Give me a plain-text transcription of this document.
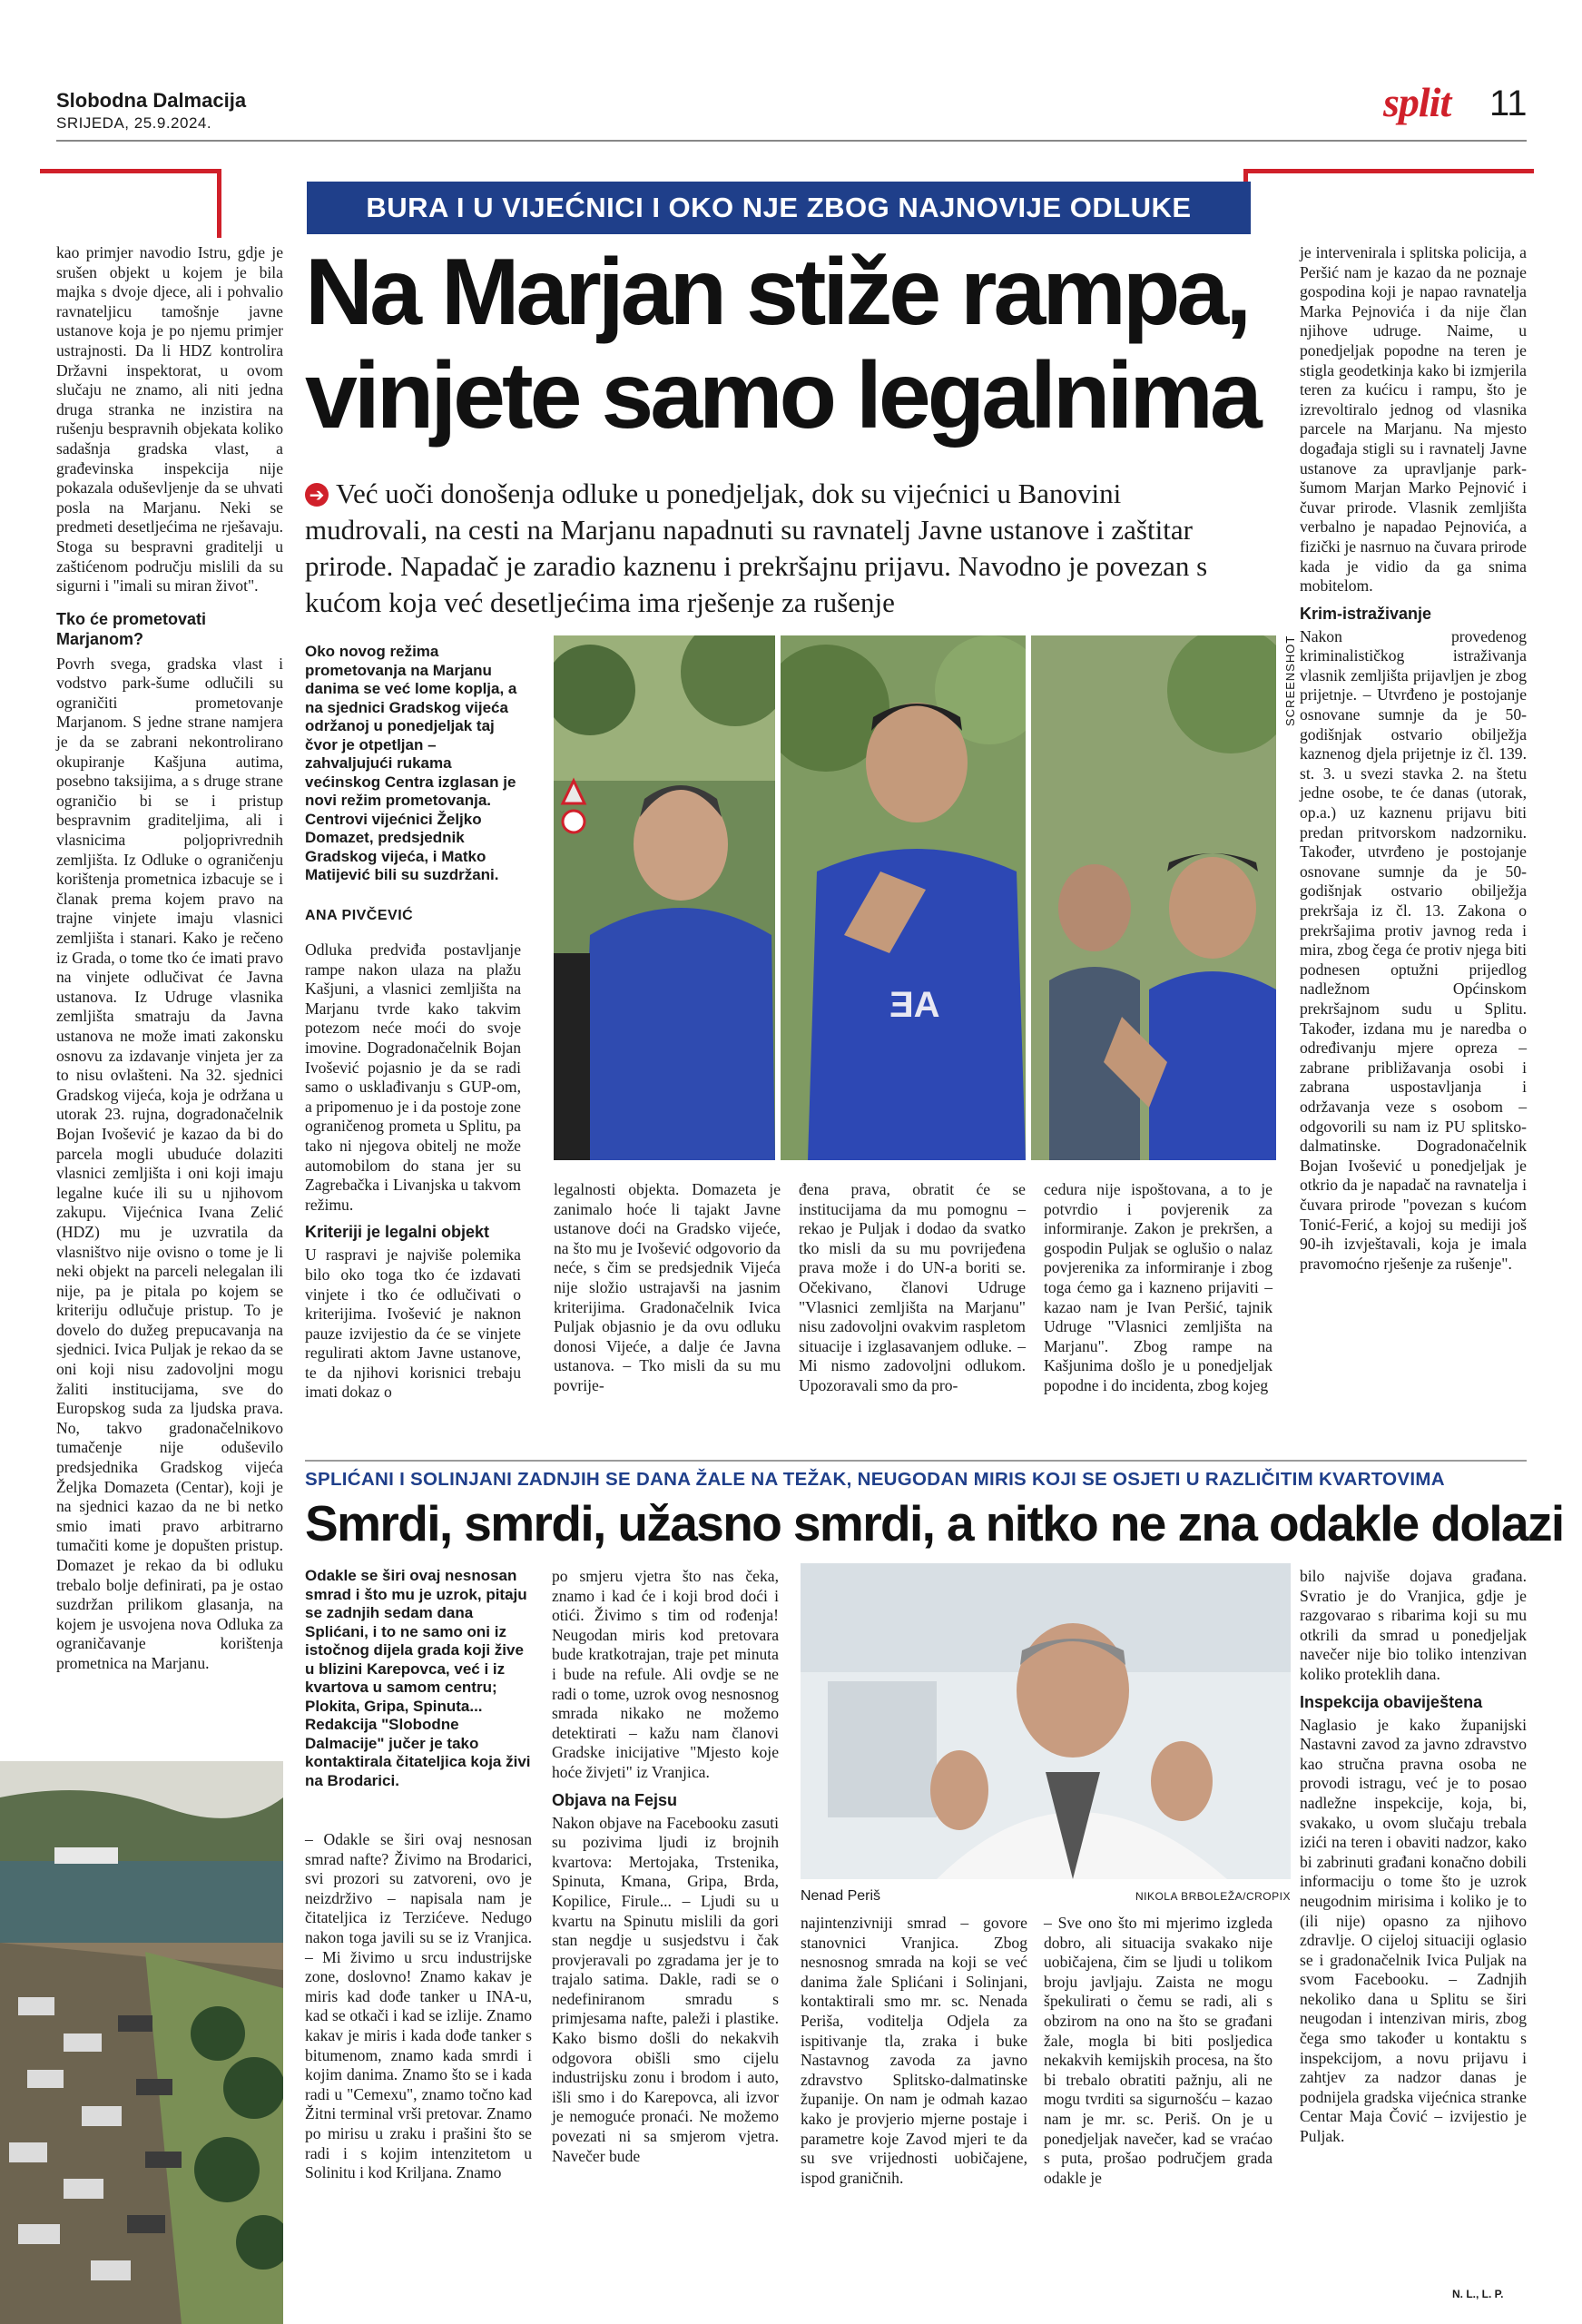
Slobodna Dalmacija
SRIJEDA, 25.9.2024.	split 11
BURA I U VIJEĆNICI I OKO NJE ZBOG NAJNOVIJE ODLUKE
Na Marjan stiže rampa,
vinjete samo legalnima
➔ Već uoči donošenja odluke u ponedjeljak, dok su vijećnici u Banovini mudrovali, na cesti na Marjanu napadnuti su ravnatelj Javne ustanove i zaštitar prirode. Napadač je zaradio kaznenu i prekršajnu prijavu. Navodno je povezan s kućom koja već desetljećima ima rješenje za rušenje

kao primjer navodio Istru, gdje je srušen objekt u kojem je bila majka s dvoje djece, ali i pohvalio ravnateljicu tamošnje javne ustanove koja je po njemu primjer ustrajnosti. Da li HDZ kontrolira Državni inspektorat, u ovom slučaju ne znamo, ali niti jedna druga stranka ne inzistira na rušenju bespravnih objekata koliko sadašnja gradska vlast, a građevinska inspekcija nije pokazala oduševljenje da se uhvati posla na Marjanu. Neki se predmeti desetljećima ne rješavaju. Stoga su bespravni graditelji u zaštićenom području mislili da su sigurni i "imali su miran život".

Tko će prometovati Marjanom?

Povrh svega, gradska vlast i vodstvo park-šume odlučili su ograničiti prometovanje Marjanom. S jedne strane namjera je da se zabrani nekontrolirano okupiranje Kašjuna autima, posebno taksijima, a s druge strane ograničio bi se i pristup bespravnim graditeljima, ali i vlasnicima poljoprivrednih zemljišta. Iz Odluke o ograničenju korištenja prometnica izbacuje se i članak prema kojem pravo na trajne vinjete imaju vlasnici zemljišta i stanari. Kako je rečeno iz Grada, o tome tko će imati pravo na vinjete odlučivat će Javna ustanova. Iz Udruge vlasnika zemljišta smatraju da Javna ustanova ne može imati zakonsku osnovu za izdavanje vinjeta jer za to nisu ovlašteni. Na 32. sjednici Gradskog vijeća, koja je održana u utorak 23. rujna, dogradonačelnik Bojan Ivošević je kazao da bi do parcela mogli ubuduće dolaziti vlasnici zemljišta i oni koji imaju legalne kuće ili su u njihovom zakupu. Vijećnica Ivana Zelić (HDZ) mu je uzvratila da vlasništvo nije ovisno o tome je li neki objekt na parceli nelegalan ili nije, pa je pitala po kojem se kriteriju odlučuje pristup. To je dovelo do dužeg prepucavanja na sjednici. Ivica Puljak je rekao da se oni koji nisu zadovoljni mogu žaliti institucijama, sve do Europskog suda za ljudska prava. No, takvo gradonačelnikovo tumačenje nije oduševilo predsjednika Gradskog vijeća Željka Domazeta (Centar), koji je na sjednici kazao da ne bi netko smio imati pravo arbitrarno tumačiti kome je dopušten pristup. Domazet je rekao da bi odluku trebalo bolje definirati, pa je ostao suzdržan prilikom glasanja, na kojem je usvojena nova Odluka za ograničavanje korištenja prometnica na Marjanu.

Oko novog režima prometovanja na Marjanu danima se već lome koplja, a na sjednici Gradskog vijeća održanoj u ponedjeljak taj čvor je otpetljan – zahvaljujući rukama većinskog Centra izglasan je novi režim prometovanja. Centrovi vijećnici Željko Domazet, predsjednik Gradskog vijeća, i Matko Matijević bili su suzdržani.
ANA PIVČEVIĆ

Odluka predviđa postavljanje rampe nakon ulaza na plažu Kašjuni, a vlasnici zemljišta na Marjanu tvrde kako takvim potezom neće moći do svoje imovine. Dogradonačelnik Bojan Ivošević pojasnio je da se radi samo o usklađivanju s GUP-om, a pripomenuo je i da postoje zone ograničenog prometa u Splitu, pa tako ni njegova obitelj ne može automobilom do stana jer su Zagrebačka i Livanjska u takvom režimu.

Kriteriji je legalni objekt

U raspravi je najviše polemika bilo oko toga tko će izdavati vinjete i tko će odlučivati o kriterijima. Ivošević je naknon pauze izvijestio da će se vinjete regulirati aktom Javne ustanove, te da njihovi korisnici trebaju imati dokaz o

ƎA
SCREENSHOT

legalnosti objekta. Domazeta je zanimalo hoće li tajakt Javne ustanove doći na Gradsko vijeće, na što mu je Ivošević odgovorio da neće, s čim se predsjednik Vijeća nije složio ustrajavši na jasnim kriterijima. Gradonačelnik Ivica Puljak objasnio je da ovu odluku donosi Vijeće, a dalje će Javna ustanova. – Tko misli da su mu povrije-

đena prava, obratit će se institucijama da mu pomognu – rekao je Puljak i dodao da svatko tko misli da su mu povrijeđena prava može i do UN-a boriti se. Očekivano, članovi Udruge "Vlasnici zemljišta na Marjanu" nisu zadovoljni ovakvim raspletom situacije i izglasavanjem odluke. – Mi nismo zadovoljni odlukom. Upozoravali smo da pro-

cedura nije ispoštovana, a to je potvrdio i povjerenik za informiranje. Zakon je prekršen, a gospodin Puljak se oglušio o nalaz povjerenika za informiranje i zbog toga ćemo ga i kazneno prijaviti – kazao nam je Ivan Peršić, tajnik Udruge "Vlasnici zemljišta na Marjanu". Zbog rampe na Kašjunima došlo je u ponedjeljak popodne i do incidenta, zbog kojeg

je intervenirala i splitska policija, a Peršić nam je kazao da ne poznaje gospodina koji je napao ravnatelja Marka Pejnovića i da nije član njihove udruge. Naime, u ponedjeljak popodne na teren je stigla geodetkinja kako bi izmjerila teren za kućicu i rampu, što je izrevoltiralo jednog od vlasnika parcele na Marjanu. Na mjesto događaja stigli su i ravnatelj Javne ustanove za upravljanje park-šumom Marjan Marko Pejnović i čuvar prirode. Vlasnik zemljišta verbalno je napadao Pejnovića, a fizički je nasrnuo na čuvara prirode kada je vidio da ga snima mobitelom.

Krim-istraživanje

Nakon provedenog kriminalističkog istraživanja vlasnik zemljišta prijavljen je zbog prijetnje. – Utvrđeno je postojanje osnovane sumnje da je 50-godišnjak ostvario obilježja kaznenog djela prijetnje iz čl. 139. st. 3. u svezi stavka 2. na štetu jedne osobe, te će danas (utorak, op.a.) uz kaznenu prijavu biti predan pritvorskom nadzorniku. Također, utvrđeno je postojanje osnovane sumnje da je 50-godišnjak ostvario obilježja prekršaja iz čl. 13. Zakona o prekršajima protiv javnog reda i mira, zbog čega će protiv njega biti podnesen optužni prijedlog nadležnom Općinskom prekršajnom sudu u Splitu. Također, izdana mu je naredba o određivanju mjere opreza – zabrane približavanja osobi i zabrana uspostavljanja i održavanja veze s osobom – odgovorili su nam iz PU splitsko-dalmatinske. Dogradonačelnik Bojan Ivošević u ponedjeljak je otkrio da je napadač na ravnatelja i čuvara prirode "povezan s kućom Tonić-Ferić, a kojoj su mediji još 90-ih izvještavali, koja je imala pravomoćno rješenje za rušenje".

SPLIĆANI I SOLINJANI ZADNJIH SE DANA ŽALE NA TEŽAK, NEUGODAN MIRIS KOJI SE OSJETI U RAZLIČITIM KVARTOVIMA
Smrdi, smrdi, užasno smrdi, a nitko ne zna odakle dolazi
Odakle se širi ovaj nesnosan smrad i što mu je uzrok, pitaju se zadnjih sedam dana Splićani, i to ne samo oni iz istočnog dijela grada koji žive u blizini Karepovca, već i iz kvartova u samom centru; Plokita, Gripa, Spinuta... Redakcija "Slobodne Dalmacije" jučer je tako kontaktirala čitateljica koja živi na Brodarici.

– Odakle se širi ovaj nesnosan smrad nafte? Živimo na Brodarici, svi prozori su zatvoreni, ovo je neizdrživo – napisala nam je čitateljica iz Terzićeve. Nedugo nakon toga javili su se iz Vranjica. – Mi živimo u srcu industrijske zone, doslovno! Znamo kakav je miris kad dođe tanker u INA-u, kad se otkači i kad se izlije. Znamo kakav je miris i kada dođe tanker s bitumenom, znamo kada smrdi i kojim danima. Znamo što se i kada radi u "Cemexu", znamo točno kad Žitni terminal vrši pretovar. Znamo po mirisu u zraku i prašini što se radi i s kojim intenzitetom u Solinitu i kod Kriljana. Znamo

po smjeru vjetra što nas čeka, znamo i kad će i koji brod doći i otići. Živimo s tim od rođenja! Neugodan miris kod pretovara bude kratkotrajan, traje pet minuta i bude na refule. Ali ovdje se ne radi o tome, uzrok ovog nesnosnog smrada nikako ne možemo detektirati – kažu nam članovi Gradske inicijative "Mjesto koje hoće živjeti" iz Vranjica.

Objava na Fejsu

Nakon objave na Facebooku zasuti su pozivima ljudi iz brojnih kvartova: Mertojaka, Trstenika, Spinuta, Kmana, Gripa, Brda, Kopilice, Firule... – Ljudi su u kvartu na Spinutu mislili da gori stan negdje u susjedstvu i čak provjeravali po zgradama jer je to trajalo satima. Dakle, radi se o nedefiniranom smradu s primjesama nafte, paleži i plastike. Kako bismo došli do nekakvih odgovora obišli smo cijelu industrijsku zonu i brodom i auto, išli smo i do Karepovca, ali izvor je nemoguće pronaći. Ne možemo povezati ni sa smjerom vjetra. Navečer bude

Nenad Periš	NIKOLA BRBOLEŽA/CROPIX

najintenzivniji smrad – govore stanovnici Vranjica. Zbog nesnosnog smrada na koji se već danima žale Splićani i Solinjani, kontaktirali smo mr. sc. Nenada Periša, voditelja Odjela za ispitivanje tla, zraka i buke Nastavnog zavoda za javno zdravstvo Splitsko-dalmatinske županije. On nam je odmah kazao kako je provjerio mjerne postaje i parametre koje Zavod mjeri te da su sve vrijednosti uobičajene, ispod graničnih.

– Sve ono što mi mjerimo izgleda dobro, ali situacija svakako nije uobičajena, čim se ljudi u tolikom broju javljaju. Zaista ne mogu špekulirati o čemu se radi, ali s obzirom na ono na što se građani žale, mogla bi biti posljedica nekakvih kemijskih procesa, na što bi trebalo obratiti pažnju, ali ne mogu tvrditi sa sigurnošću – kazao nam je mr. sc. Periš. On je u ponedjeljak navečer, kad se vraćao s puta, prošao područjem grada odakle je

bilo najviše dojava građana. Svratio je do Vranjica, gdje je razgovarao s ribarima koji su mu otkrili da smrad u ponedjeljak navečer nije bio toliko intenzivan koliko proteklih dana.

Inspekcija obaviještena

Naglasio je kako županijski Nastavni zavod za javno zdravstvo kao stručna pravna osoba ne provodi istragu, već je to posao nadležne inspekcije, koja, bi, svakako, u ovom slučaju trebala izići na teren i obaviti nadzor, kako bi zabrinuti građani konačno dobili informaciju o tome što je uzrok neugodnim mirisima i koliko je to (ili nije) opasno za njihovo zdravlje. O cijeloj situaciji oglasio se i gradonačelnik Ivica Puljak na svom Facebooku. – Zadnjih nekoliko dana u Splitu se širi neugodan i intenzivan miris, zbog čega smo također u kontaktu s inspekcijom, a novu prijavu i zahtjev za nadzor danas je podnijela gradska vijećnica stranke Centar Maja Čović – izvijestio je Puljak.

N. L., L. P.
